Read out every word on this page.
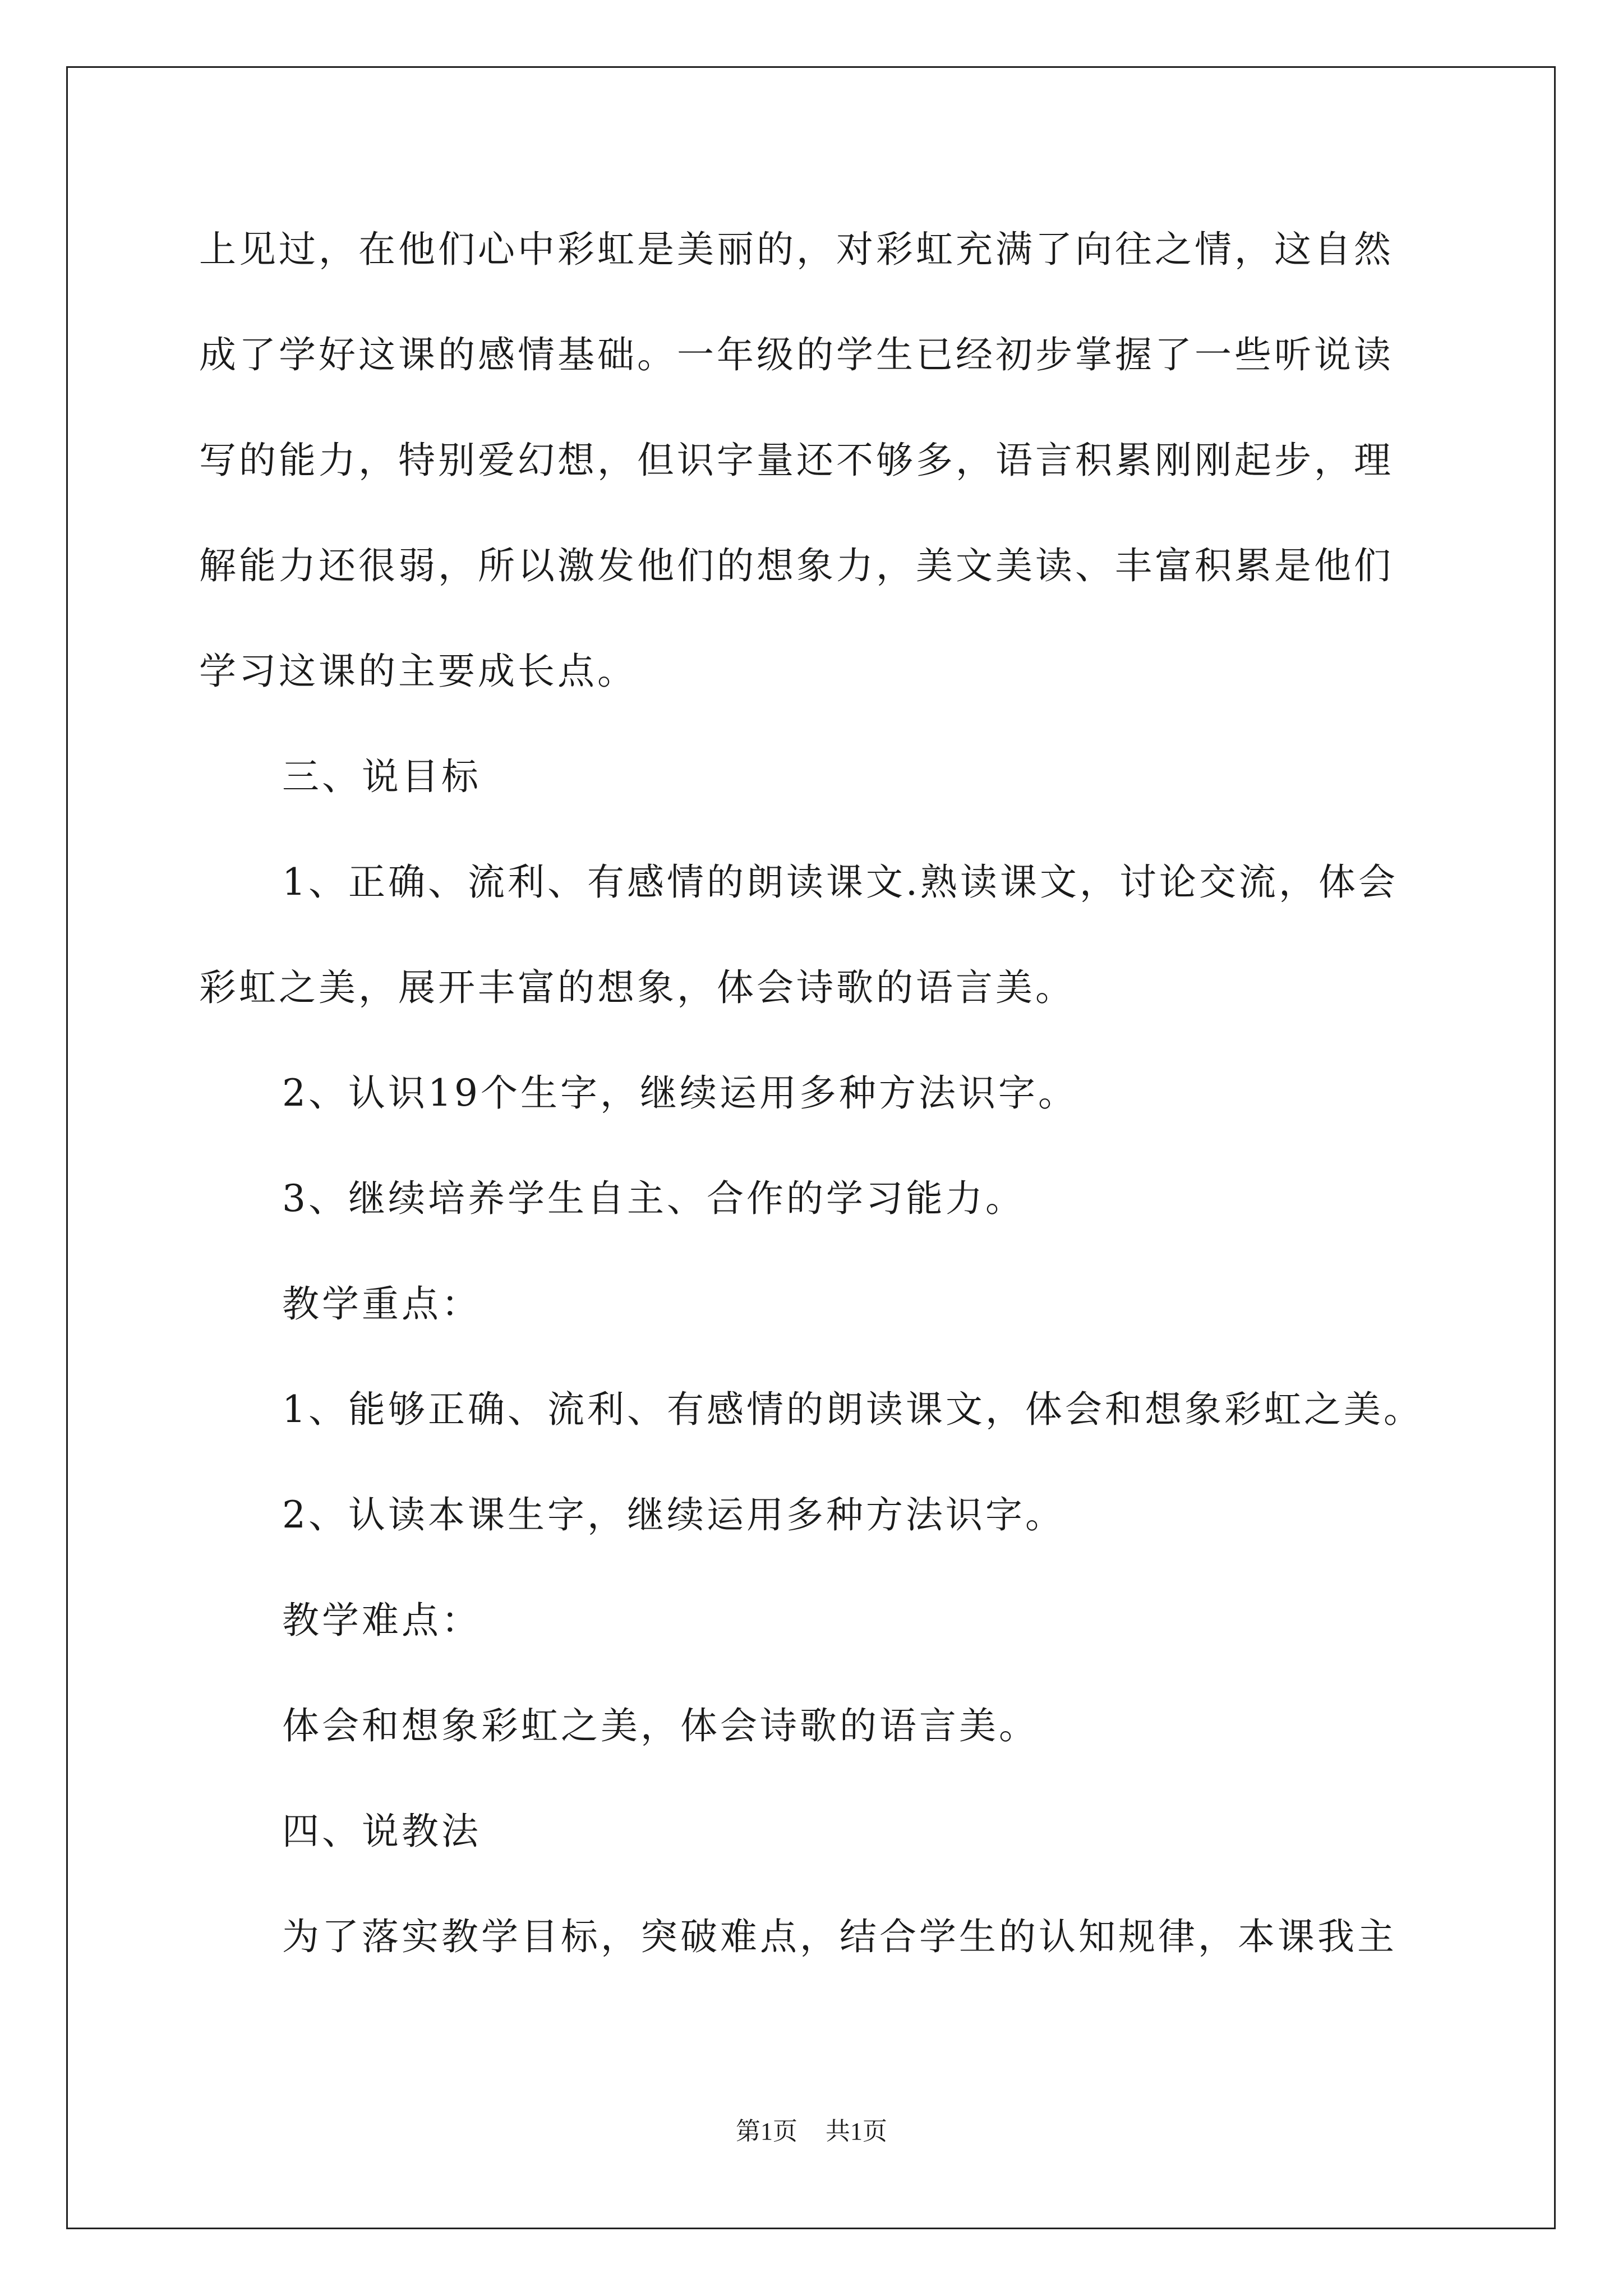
上见过，在他们心中彩虹是美丽的，对彩虹充满了向往之情，这自然
成了学好这课的感情基础。一年级的学生已经初步掌握了一些听说读
写的能力，特别爱幻想，但识字量还不够多，语言积累刚刚起步，理
解能力还很弱，所以激发他们的想象力，美文美读、丰富积累是他们
学习这课的主要成长点。
三、说目标
1、正确、流利、有感情的朗读课文.熟读课文，讨论交流，体会
彩虹之美，展开丰富的想象，体会诗歌的语言美。
2、认识19个生字，继续运用多种方法识字。
3、继续培养学生自主、合作的学习能力。
教学重点：
1、能够正确、流利、有感情的朗读课文，体会和想象彩虹之美。
2、认读本课生字，继续运用多种方法识字。
教学难点：
体会和想象彩虹之美，体会诗歌的语言美。
四、说教法
为了落实教学目标，突破难点，结合学生的认知规律，本课我主
第1页 共1页
